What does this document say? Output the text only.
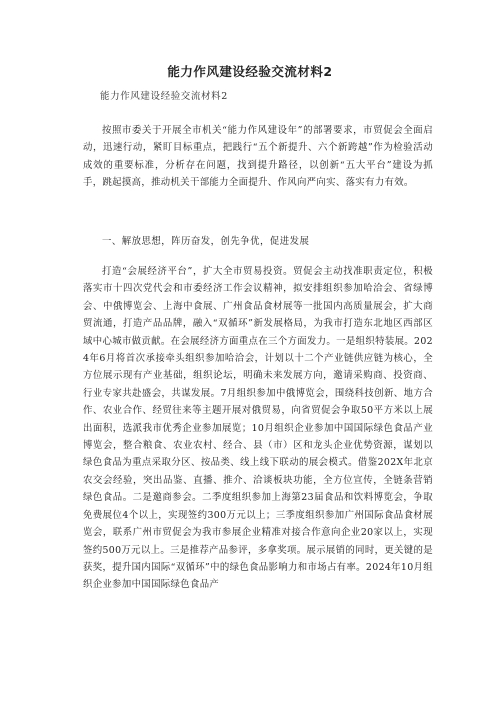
能力作风建设经验交流材料2
能力作风建设经验交流材料2
按照市委关于开展全市机关“能力作风建设年”的部署要求，市贸促会全面启动，迅速行动，紧盯目标重点，把践行“五个新提升、六个新跨越”作为检验活动成效的重要标准，分析存在问题，找到提升路径，以创新“五大平台”建设为抓手，跳起摸高，推动机关干部能力全面提升、作风向严向实、落实有力有效。
一、解放思想，阵历奋发，创先争优，促进发展
打造“会展经济平台”，扩大全市贸易投资。贸促会主动找准职责定位，积极落实市十四次党代会和市委经济工作会议精神，拟安排组织参加哈洽会、省绿博会、中俄博览会、上海中食展、广州食品食材展等一批国内高质量展会，扩大商贸流通，打造产品品牌，融入“双循环”新发展格局，为我市打造东北地区西部区域中心城市做贡献。在会展经济方面重点在三个方面发力。一是组织特装展。2024年6月将首次承接牵头组织参加哈洽会，计划以十二个产业链供应链为核心，全方位展示现有产业基础，组织论坛，明确未来发展方向，邀请采购商、投资商、行业专家共赴盛会，共谋发展。7月组织参加中俄博览会，围绕科技创新、地方合作、农业合作、经贸往来等主题开展对俄贸易，向省贸促会争取50平方米以上展出面积，选派我市优秀企业参加展览；10月组织企业参加中国国际绿色食品产业博览会，整合粮食、农业农村、经合、县（市）区和龙头企业优势资源，谋划以绿色食品为重点采取分区、按品类、线上线下联动的展会模式。借鉴202X年北京农交会经验，突出品鉴、直播、推介、洽谈板块功能，全方位宣传，全链条营销绿色食品。二是邀商参会。二季度组织参加上海第23届食品和饮料博览会，争取免费展位4个以上，实现签约300万元以上；三季度组织参加广州国际食品食材展览会，联系广州市贸促会为我市参展企业精准对接合作意向企业20家以上，实现签约500万元以上。三是推荐产品参评，多拿奖项。展示展销的同时，更关键的是获奖，提升国内国际“双循环”中的绿色食品影响力和市场占有率。2024年10月组织企业参加中国国际绿色食品产
